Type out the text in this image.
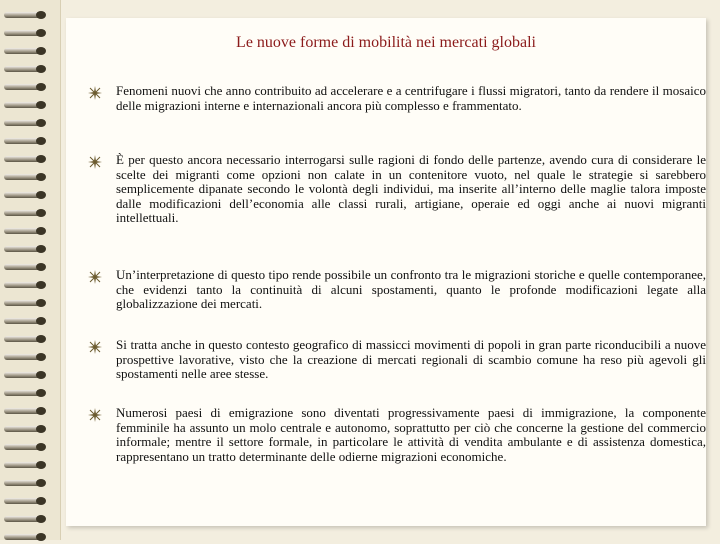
Le nuove forme di mobilità nei mercati globali
Fenomeni nuovi che anno contribuito ad accelerare e a centrifugare i flussi migratori, tanto da rendere il mosaico delle migrazioni interne e internazionali ancora più complesso e frammentato.
È per questo ancora necessario interrogarsi sulle ragioni di fondo delle partenze, avendo cura di considerare le scelte dei migranti come opzioni non calate in un contenitore vuoto, nel quale le strategie si sarebbero semplicemente dipanate secondo le volontà degli individui, ma inserite all’interno delle maglie talora imposte dalle modificazioni dell’economia alle classi rurali, artigiane, operaie ed oggi anche ai nuovi migranti intellettuali.
Un’interpretazione di questo tipo rende possibile un confronto tra le migrazioni storiche e quelle contemporanee, che evidenzi tanto la continuità di alcuni spostamenti, quanto le profonde modificazioni legate alla globalizzazione dei mercati.
Si tratta anche in questo contesto geografico di massicci movimenti di popoli in gran parte riconducibili a nuove prospettive lavorative, visto che la creazione di mercati regionali di scambio comune ha reso più agevoli gli spostamenti nelle aree stesse.
Numerosi paesi di emigrazione sono diventati progressivamente paesi di immigrazione, la componente femminile ha assunto un molo centrale e autonomo, soprattutto per ciò che concerne la gestione del commercio informale; mentre il settore formale, in particolare le attività di vendita ambulante e di assistenza domestica, rappresentano un tratto determinante delle odierne migrazioni economiche.
